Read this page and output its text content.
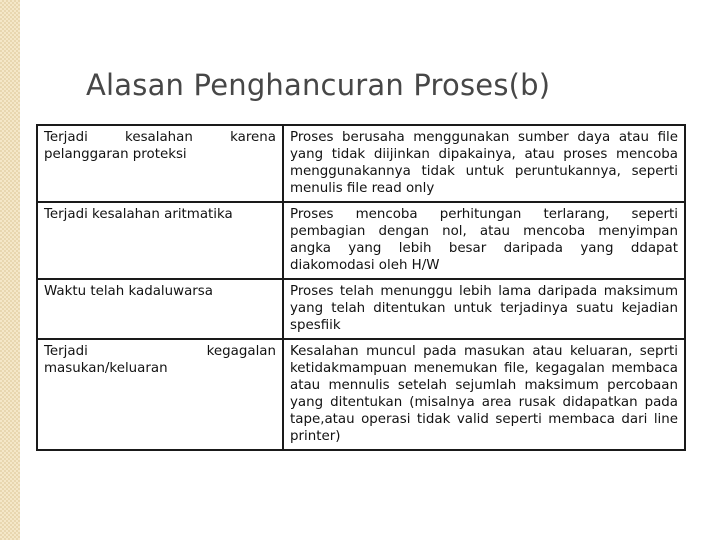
Alasan Penghancuran Proses(b)
Terjadi kesalahan karena pelanggaran proteksi	Proses berusaha menggunakan sumber daya atau file yang tidak diijinkan dipakainya, atau proses mencoba menggunakannya tidak untuk peruntukannya, seperti menulis file read only
Terjadi kesalahan aritmatika	Proses mencoba perhitungan terlarang, seperti pembagian dengan nol, atau mencoba menyimpan angka yang lebih besar daripada yang ddapat diakomodasi oleh H/W
Waktu telah kadaluwarsa	Proses telah menunggu lebih lama daripada maksimum yang telah ditentukan untuk terjadinya suatu kejadian spesfiik
Terjadi kegagalan masukan/keluaran	Kesalahan muncul pada masukan atau keluaran, seprti ketidakmampuan menemukan file, kegagalan membaca atau mennulis setelah sejumlah maksimum percobaan yang ditentukan (misalnya area rusak didapatkan pada tape,atau operasi tidak valid seperti membaca dari line printer)
